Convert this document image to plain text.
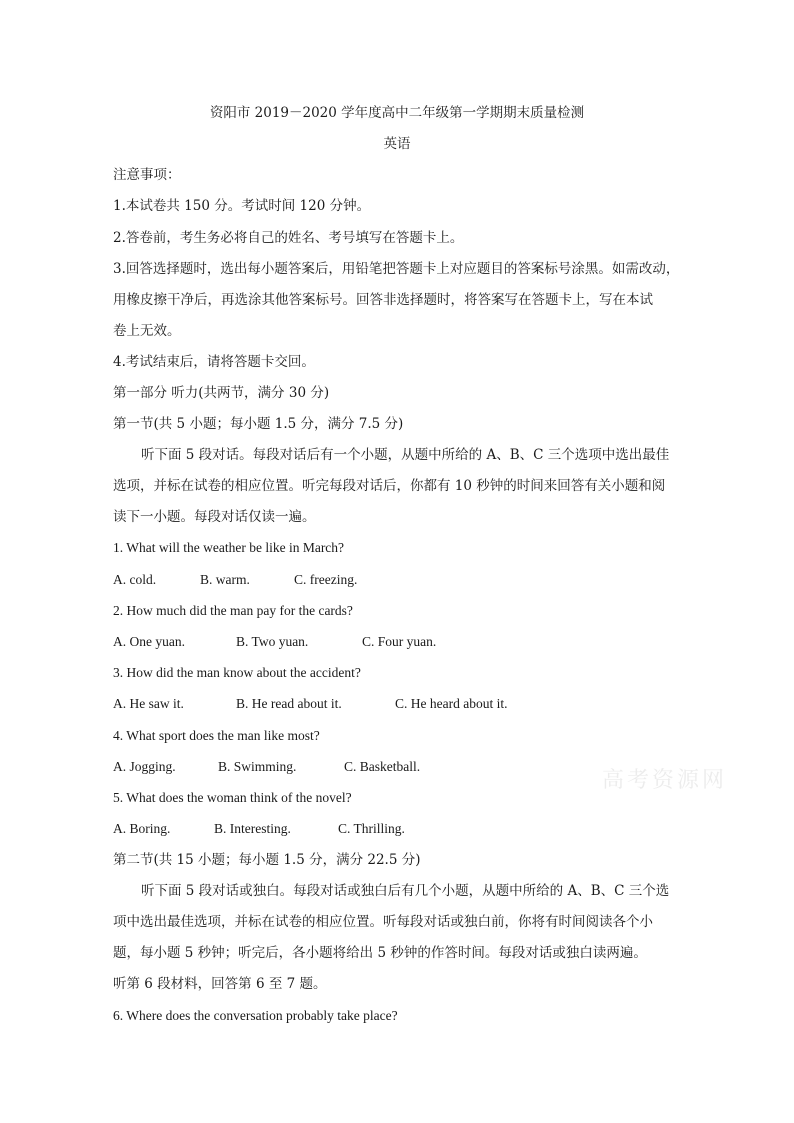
资阳市 2019－2020 学年度高中二年级第一学期期末质量检测
英语
注意事项：
1.本试卷共 150 分。考试时间 120 分钟。
2.答卷前，考生务必将自己的姓名、考号填写在答题卡上。
3.回答选择题时，选出每小题答案后，用铅笔把答题卡上对应题目的答案标号涂黑。如需改动，
用橡皮擦干净后，再选涂其他答案标号。回答非选择题时，将答案写在答题卡上，写在本试
卷上无效。
4.考试结束后，请将答题卡交回。
第一部分 听力(共两节，满分 30 分)
第一节(共 5 小题；每小题 1.5 分，满分 7.5 分)
听下面 5 段对话。每段对话后有一个小题，从题中所给的 A、B、C 三个选项中选出最佳
选项，并标在试卷的相应位置。听完每段对话后，你都有 10 秒钟的时间来回答有关小题和阅
读下一小题。每段对话仅读一遍。
1. What will the weather be like in March?
A. cold.	B. warm.	C. freezing.
2. How much did the man pay for the cards?
A. One yuan.	B. Two yuan.	C. Four yuan.
3. How did the man know about the accident?
A. He saw it.	B. He read about it.	C. He heard about it.
4. What sport does the man like most?
A. Jogging.	B. Swimming.	C. Basketball.
5. What does the woman think of the novel?
A. Boring.	B. Interesting.	C. Thrilling.
第二节(共 15 小题；每小题 1.5 分，满分 22.5 分)
听下面 5 段对话或独白。每段对话或独白后有几个小题，从题中所给的 A、B、C 三个选
项中选出最佳选项，并标在试卷的相应位置。听每段对话或独白前，你将有时间阅读各个小
题，每小题 5 秒钟；听完后，各小题将给出 5 秒钟的作答时间。每段对话或独白读两遍。
听第 6 段材料，回答第 6 至 7 题。
6. Where does the conversation probably take place?
高考资源网
